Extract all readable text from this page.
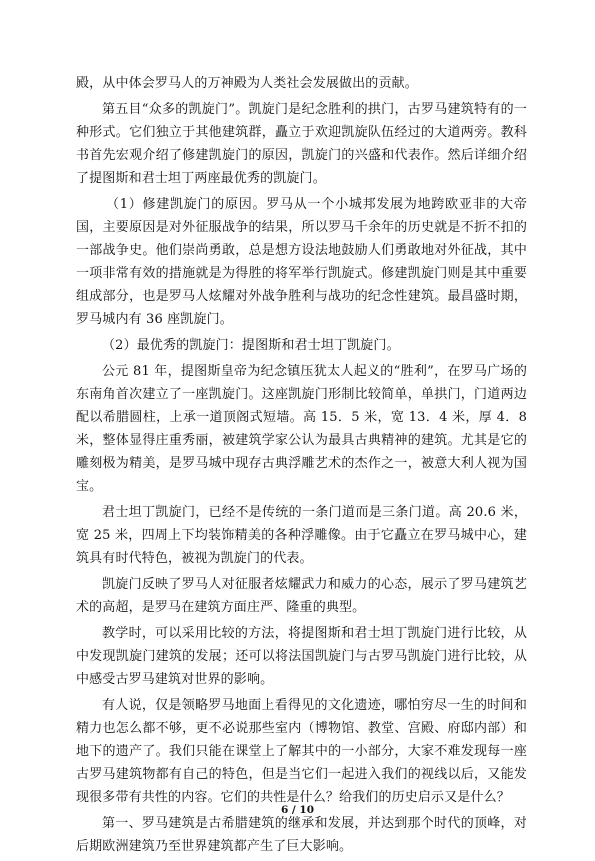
殿，从中体会罗马人的万神殿为人类社会发展做出的贡献。

第五目“众多的凯旋门”。凯旋门是纪念胜利的拱门，古罗马建筑特有的一种形式。它们独立于其他建筑群，矗立于欢迎凯旋队伍经过的大道两旁。教科书首先宏观介绍了修建凯旋门的原因，凯旋门的兴盛和代表作。然后详细介绍了提图斯和君士坦丁两座最优秀的凯旋门。

（1）修建凯旋门的原因。罗马从一个小城邦发展为地跨欧亚非的大帝国，主要原因是对外征服战争的结果，所以罗马千余年的历史就是不折不扣的一部战争史。他们崇尚勇敢，总是想方设法地鼓励人们勇敢地对外征战，其中一项非常有效的措施就是为得胜的将军举行凯旋式。修建凯旋门则是其中重要组成部分，也是罗马人炫耀对外战争胜利与战功的纪念性建筑。最昌盛时期，罗马城内有 36 座凯旋门。

（2）最优秀的凯旋门：提图斯和君士坦丁凯旋门。

公元 81 年，提图斯皇帝为纪念镇压犹太人起义的“胜利”，在罗马广场的东南角首次建立了一座凯旋门。这座凯旋门形制比较简单，单拱门，门道两边配以希腊圆柱，上承一道顶阁式短墙。高 15．5 米，宽 13．4 米，厚 4．8 米，整体显得庄重秀丽，被建筑学家公认为最具古典精神的建筑。尤其是它的雕刻极为精美，是罗马城中现存古典浮雕艺术的杰作之一，被意大利人视为国宝。

君士坦丁凯旋门，已经不是传统的一条门道而是三条门道。高 20.6 米，宽 25 米，四周上下均装饰精美的各种浮雕像。由于它矗立在罗马城中心，建筑具有时代特色，被视为凯旋门的代表。

凯旋门反映了罗马人对征服者炫耀武力和威力的心态，展示了罗马建筑艺术的高超，是罗马在建筑方面庄严、隆重的典型。

教学时，可以采用比较的方法，将提图斯和君士坦丁凯旋门进行比较，从中发现凯旋门建筑的发展；还可以将法国凯旋门与古罗马凯旋门进行比较，从中感受古罗马建筑对世界的影响。

有人说，仅是领略罗马地面上看得见的文化遗迹，哪怕穷尽一生的时间和精力也怎么都不够，更不必说那些室内（博物馆、教堂、宫殿、府邸内部）和地下的遗产了。我们只能在课堂上了解其中的一小部分，大家不难发现每一座古罗马建筑物都有自己的特色，但是当它们一起进入我们的视线以后，又能发现很多带有共性的内容。它们的共性是什么？给我们的历史启示又是什么？

第一、罗马建筑是古希腊建筑的继承和发展，并达到那个时代的顶峰，对后期欧洲建筑乃至世界建筑都产生了巨大影响。

6 / 10
